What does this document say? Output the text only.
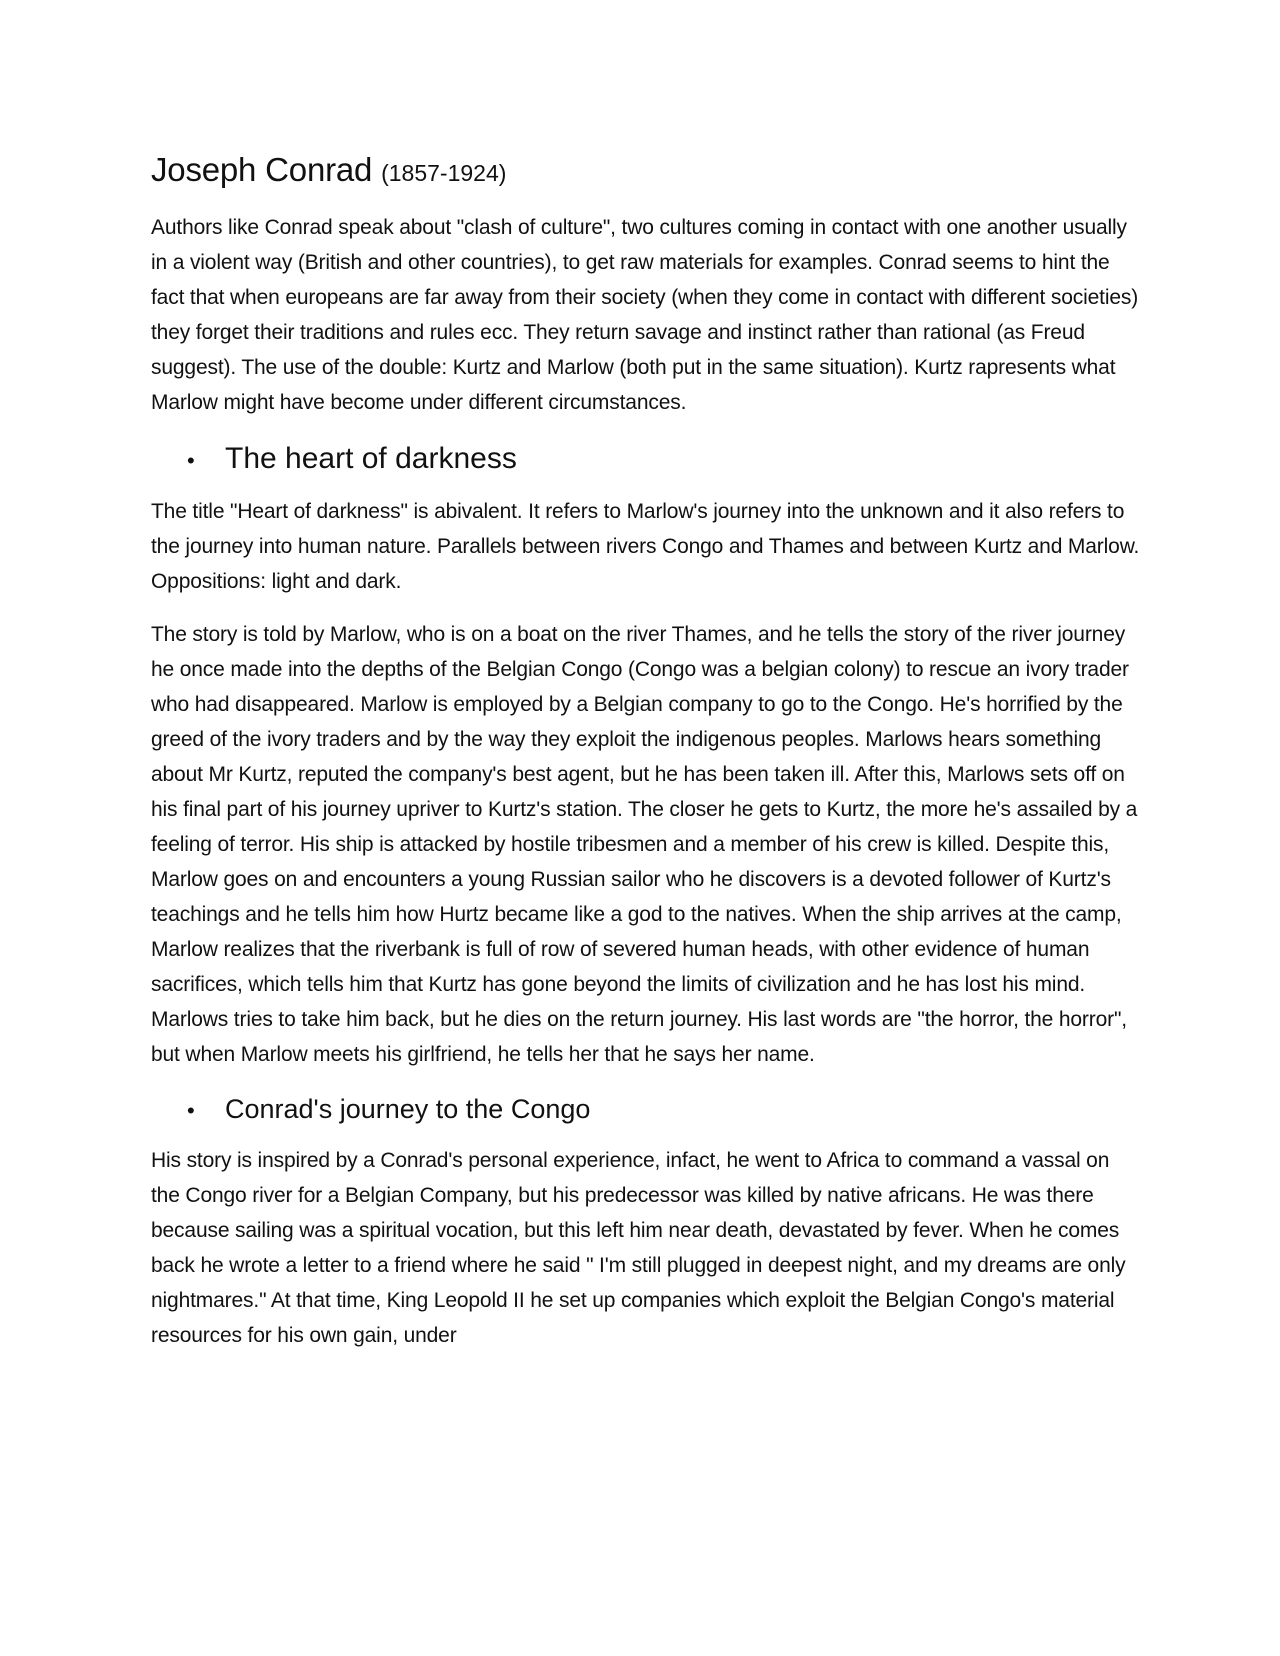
Joseph Conrad (1857-1924)

Authors like Conrad speak about "clash of culture", two cultures coming in contact with one another usually in a violent way (British and other countries), to get raw materials for examples. Conrad seems to hint the fact that when europeans are far away from their society (when they come in contact with different societies) they forget their traditions and rules ecc. They return savage and instinct rather than rational (as Freud suggest). The use of the double: Kurtz and Marlow (both put in the same situation). Kurtz rapresents what Marlow might have become under different circumstances.

•	The heart of darkness

The title "Heart of darkness" is abivalent. It refers to Marlow's journey into the unknown and it also refers to the journey into human nature. Parallels between rivers Congo and Thames and between Kurtz and Marlow. Oppositions: light and dark.

The story is told by Marlow, who is on a boat on the river Thames, and he tells the story of the river journey he once made into the depths of the Belgian Congo (Congo was a belgian colony) to rescue an ivory trader who had disappeared. Marlow is employed by a Belgian company to go to the Congo. He's horrified by the greed of the ivory traders and by the way they exploit the indigenous peoples. Marlows hears something about Mr Kurtz, reputed the company's best agent, but he has been taken ill. After this, Marlows sets off on his final part of his journey upriver to Kurtz's station. The closer he gets to Kurtz, the more he's assailed by a feeling of terror. His ship is attacked by hostile tribesmen and a member of his crew is killed. Despite this, Marlow goes on and encounters a young Russian sailor who he discovers is a devoted follower of Kurtz's teachings and he tells him how Hurtz became like a god to the natives. When the ship arrives at the camp, Marlow realizes that the riverbank is full of row of severed human heads, with other evidence of human sacrifices, which tells him that Kurtz has gone beyond the limits of civilization and he has lost his mind. Marlows tries to take him back, but he dies on the return journey. His last words are "the horror, the horror", but when Marlow meets his girlfriend, he tells her that he says her name.

•	Conrad's journey to the Congo

His story is inspired by a Conrad's personal experience, infact, he went to Africa to command a vassal on the Congo river for a Belgian Company, but his predecessor was killed by native africans. He was there because sailing was a spiritual vocation, but this left him near death, devastated by fever. When he comes back he wrote a letter to a friend where he said " I'm still plugged in deepest night, and my dreams are only nightmares." At that time, King Leopold II he set up companies which exploit the Belgian Congo's material resources for his own gain, under
